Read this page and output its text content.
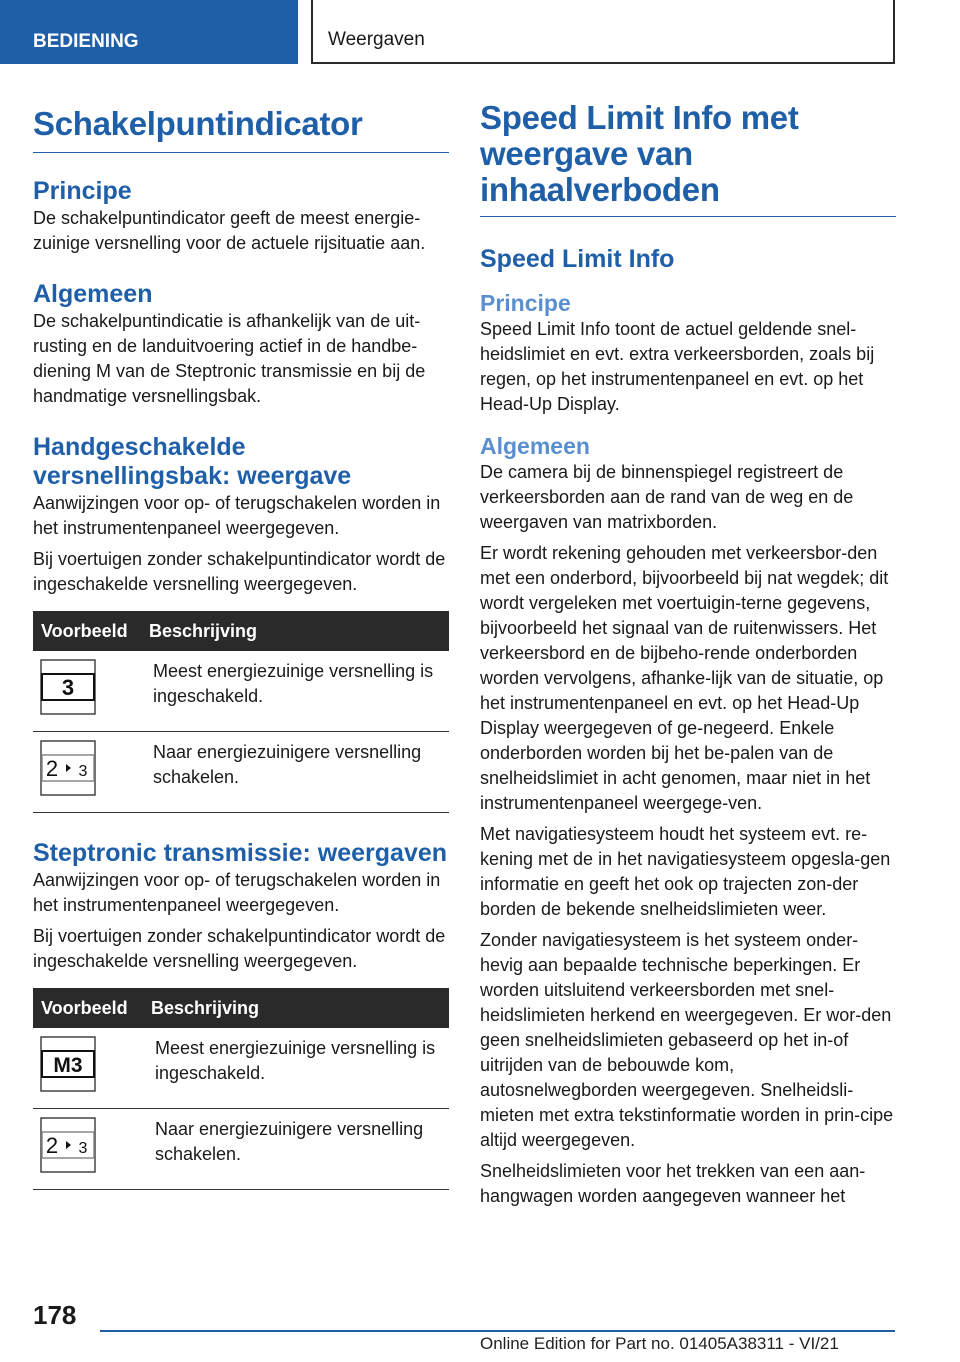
BEDIENING	Weergaven
Schakelpuntindicator
Principe

De schakelpuntindicator geeft de meest energie-zuinige versnelling voor de actuele rijsituatie aan.

Algemeen

De schakelpuntindicatie is afhankelijk van de uit-rusting en de landuitvoering actief in de handbe-diening M van de Steptronic transmissie en bij de handmatige versnellingsbak.

Handgeschakelde versnellingsbak: weergave

Aanwijzingen voor op- of terugschakelen worden in het instrumentenpaneel weergegeven.

Bij voertuigen zonder schakelpuntindicator wordt de ingeschakelde versnelling weergegeven.

Voorbeeld	Beschrijving

3	Meest energiezuinige versnelling is ingeschakeld.

2 3	Naar energiezuinigere versnelling schakelen.
Steptronic transmissie: weergaven

Aanwijzingen voor op- of terugschakelen worden in het instrumentenpaneel weergegeven.

Bij voertuigen zonder schakelpuntindicator wordt de ingeschakelde versnelling weergegeven.

Voorbeeld	Beschrijving

M3	Meest energiezuinige versnelling is ingeschakeld.

2 3	Naar energiezuinigere versnelling schakelen.
Speed Limit Info met weergave van inhaalverboden
Speed Limit Info
Principe

Speed Limit Info toont de actuel geldende snel-heidslimiet en evt. extra verkeersborden, zoals bij regen, op het instrumentenpaneel en evt. op het Head-Up Display.

Algemeen

De camera bij de binnenspiegel registreert de verkeersborden aan de rand van de weg en de weergaven van matrixborden.

Er wordt rekening gehouden met verkeersbor-den met een onderbord, bijvoorbeeld bij nat wegdek; dit wordt vergeleken met voertuigin-terne gegevens, bijvoorbeeld het signaal van de ruitenwissers. Het verkeersbord en de bijbeho-rende onderborden worden vervolgens, afhanke-lijk van de situatie, op het instrumentenpaneel en evt. op het Head-Up Display weergegeven of ge-negeerd. Enkele onderborden worden bij het be-palen van de snelheidslimiet in acht genomen, maar niet in het instrumentenpaneel weergege-ven.

Met navigatiesysteem houdt het systeem evt. re-kening met de in het navigatiesysteem opgesla-gen informatie en geeft het ook op trajecten zon-der borden de bekende snelheidslimieten weer.

Zonder navigatiesysteem is het systeem onder-hevig aan bepaalde technische beperkingen. Er worden uitsluitend verkeersborden met snel-heidslimieten herkend en weergegeven. Er wor-den geen snelheidslimieten gebaseerd op het in-of uitrijden van de bebouwde kom, autosnelwegborden weergegeven. Snelheidsli-mieten met extra tekstinformatie worden in prin-cipe altijd weergegeven.

Snelheidslimieten voor het trekken van een aan-hangwagen worden aangegeven wanneer het

178
Online Edition for Part no. 01405A38311 - VI/21
